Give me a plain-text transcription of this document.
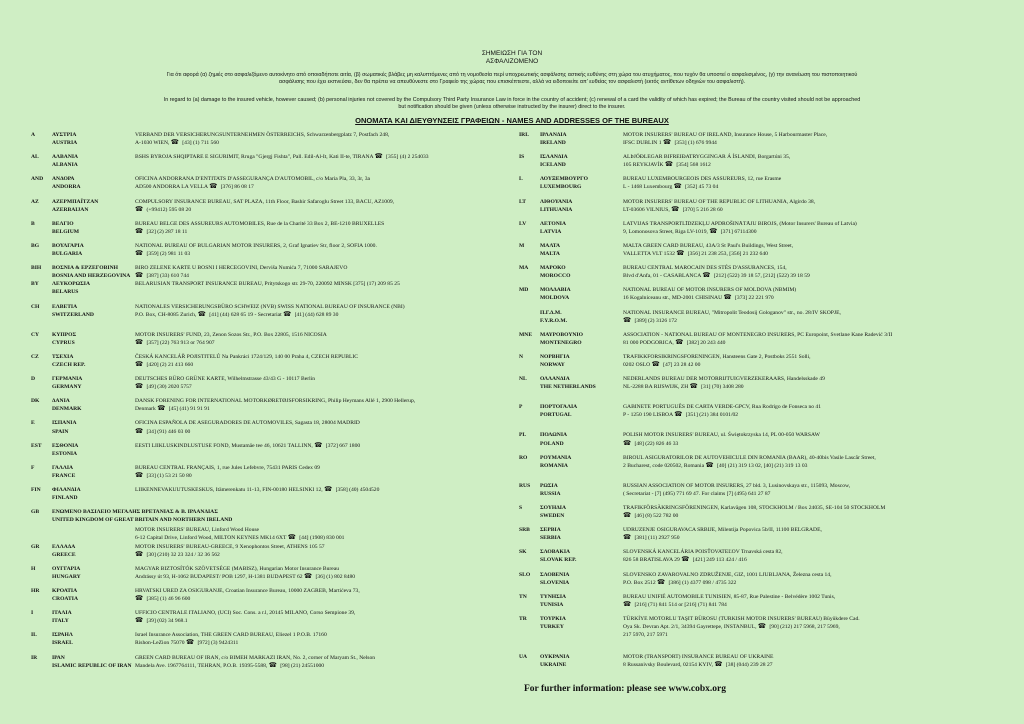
ΣΗΜΕΙΩΣΗ ΓΙΑ ΤΟΝ
ΑΣΦΑΛΙΖΟΜΕΝΟ
Για ότι αφορά (α) ζημιές στο ασφαλιζόμενο αυτοκίνητο από οποιαδήποτε αιτία, (β) σωματικές βλάβες μη καλυπτόμενες από τη νομοθεσία περί υποχρεωτικής ασφάλισης αστικής ευθύνης στη χώρα του ατυχήματος, που τυχόν θα υποστεί ο ασφαλισμένος, (γ) την ανανέωση του πιστοποιητικού ασφάλισης που έχει εκπνεύσει, δεν θα πρέπει να απευθύνεστε στο Γραφείο της χώρας που επισκέπτεστε, αλλά να ειδοποιείτε απ' ευθείας τον ασφαλιστή (εκτός αντίθετων οδηγιών του ασφαλιστή).
In regard to (a) damage to the insured vehicle, however caused; (b) personal injuries not covered by the Compulsory Third Party Insurance Law in force in the country of accident; (c) renewal of a card the validity of which has expired; the Bureau of the country visited should not be approached but notification should be given (unless otherwise instructed by the insurer) direct to the insurer.
ΟΝΟΜΑΤΑ ΚΑΙ ΔΙΕΥΘΥΝΣΕΙΣ ΓΡΑΦΕΙΩΝ - NAMES AND ADDRESSES OF THE BUREAUX
A	ΑΥΣΤΡΙΑ
AUSTRIA
VERBAND DER VERSICHERUNGSUNTERNEHMEN ÖSTERREICHS, Schwarzenbergplatz 7, Postfach 248,
A-1030 WIEN, ☎ [43] (1) 711 560
AL	ΑΛΒΑΝΙΑ
ALBANIA
BSHS BYROJA SHQIPTARE E SIGURIMIT, Rruga "Gjergj Fishta", Pall. Edil-Al-It, Kati II-te, TIRANA ☎ [355] (4) 2 254033

AND	ΑΝΔΟΡΑ
ANDORRA
OFICINA ANDORRANA D'ENTITATS D'ASSEGURANÇA D'AUTOMOBIL, c/o Maria Pla, 33, 3r, 3a
AD500 ANDORRA LA VELLA ☎ [376] 86 08 17
AZ	ΑΖΕΡΜΠΑΪΤΖΑΝ
AZERBAIJAN
COMPULSORY INSURANCE BUREAU, SAT PLAZA, 11th Floor, Bashir Safaroglu Street 133, BACU, AZ1009,
☎ (+99412) 595 08 20
B	ΒΕΛΓΙΟ
BELGIUM
BUREAU BELGE DES ASSUREURS AUTOMOBILES, Rue de la Charité 33 Box 2, BE-1210 BRUXELLES
☎ [32] (2) 287 18 11
BG	ΒΟΥΛΓΑΡΙΑ
BULGARIA
NATIONAL BUREAU OF BULGARIAN MOTOR INSURERS, 2, Graf Ignatiev Str, floor 2, SOFIA 1000.
☎ [359] (2) 981 11 03
BIH	ΒΟΣΝΙΑ & ΕΡΖΕΓΟΒΙΝΗ
BOSNIA AND HERZEGOVINA
BIRO ZELENE KARTE U BOSNI I HERCEGOVINI, Derviša Numića 7, 71000 SARAJEVO
☎ [387] (33) 610 744
BY	ΛΕΥΚΟΡΩΣΙΑ
BELARUS
BELARUSIAN TRANSPORT INSURANCE BUREAU, Pritytskogo str. 29-70, 220092 MINSK [375] (17) 209 85 25

CH	ΕΛΒΕΤΙΑ
SWITZERLAND
NATIONALES VERSICHERUNGSBÜRO SCHWEIZ (NVB) SWISS NATIONAL BUREAU OF INSURANCE (NBI)
P.O. Box, CH-8085 Zurich, ☎ [41] (44) 628 65 19 - Secretariat ☎ [41] (44) 628 89 30
CY	ΚΥΠΡΟΣ
CYPRUS
MOTOR INSURERS' FUND, 23, Zenon Sozos Str., P.O. Box 22805, 1516 NICOSIA
☎ [357] (22) 763 913 or 764 907
CZ	ΤΣΕΧΙΑ
CZECH REP.
ČESKÁ KANCELÁŘ POJISTITELŮ Na Pankráci 1724/129, 140 00 Praha 4, CZECH REPUBLIC
☎ [420] (2) 21 413 660
D	ΓΕΡΜΑΝΙΑ
GERMANY
DEUTSCHES BÜRO GRÜNE KARTE, Wilhelmstrasse 43/43 G - 10117 Berlin
☎ [49] (30) 2020 5757
DK	ΔΑΝΙΑ
DENMARK
DANSK FORENING FOR INTERNATIONAL MOTORKØRETØJSFORSIKRING, Philip Heymans Allé 1, 2900 Hellerup,
Denmark ☎ [45] (41) 91 91 91
E	ΙΣΠΑΝΙΑ
SPAIN
OFICINA ESPAÑOLA DE ASEGURADORES DE AUTOMOVILES, Sagasta 18, 28004 MADRID
☎ [34] (91) 446 03 00
EST	ΕΣΘΟΝΙΑ
ESTONIA
EESTI LIIKLUSKINDLUSTUSE FOND, Mustamäe tee 46, 10621 TALLINN, ☎ [372] 667 1800

F	ΓΑΛΛΙΑ
FRANCE
BUREAU CENTRAL FRANÇAIS, 1, rue Jules Lefebvre, 75431 PARIS Cedex 09
☎ [33] (1) 53 21 50 80
FIN	ΦΙΛΑΝΔΙΑ
FINLAND
LIIKENNEVAKUUTUSKESKUS, Itämerenkatu 11-13, FIN-00180 HELSINKI 12, ☎ [358] (40) 4504520

GB	ΕΝΩΜΕΝΟ ΒΑΣΙΛΕΙΟ ΜΕΓΑΛΗΣ ΒΡΕΤΑΝΙΑΣ & Β. ΙΡΛΑΝΔΙΑΣ
UNITED KINGDOM OF GREAT BRITAIN AND NORTHERN IRELAND
MOTOR INSURERS' BUREAU, Linford Wood House
6-12 Capital Drive, Linford Wood, MILTON KEYNES MK14 6XT ☎ [44] (1908) 830 001
GR	ΕΛΛΑΔΑ
GREECE
MOTOR INSURERS' BUREAU-GREECE, 9 Xenophontos Street, ATHENS 105 57
☎ [30] (210) 32 23 324 / 32 36 562
H	ΟΥΓΓΑΡΙΑ
HUNGARY
MAGYAR BIZTOSÍTÓK SZÖVETSÉGE (MABISZ), Hungarian Motor Insurance Bureau
Andrássy út 93, H-1062 BUDAPEST/ POB 1297, H-1381 BUDAPEST 62 ☎ [36] (1) 802 8480
HR	ΚΡΟΑΤΙΑ
CROATIA
HRVATSKI URED ZA OSIGURANJE, Croatian Insurance Bureau, 10000 ZAGREB, Martićeva 73,
☎ [385] (1) 46 96 600
I	ΙΤΑΛΙΑ
ITALY
UFFICIO CENTRALE ITALIANO, (UCI) Soc. Cons. a r.l, 20145 MILANO, Corso Sempione 39,
☎ [39] (02) 34 968.1
IL	ΙΣΡΑΗΛ
ISRAEL
Israel Insurance Association, THE GREEN CARD BUREAU, Eliezel 1 P.O.B. 17160
Rishon-LeZion 75070 ☎ [972] (3) 9424311
IR	ΙΡΑΝ
ISLAMIC REPUBLIC OF IRAN
GREEN CARD BUREAU OF IRAN, c/o BIMEH MARKAZI IRAN, No. 2, corner of Maryam St., Nelson
Mandela Ave. 1967764111, TEHRAN, P.O.B. 19395-5588, ☎ [98] (21) 24551000
IRL	ΙΡΛΑΝΔΙΑ
IRELAND
MOTOR INSURERS' BUREAU OF IRELAND, Insurance House, 5 Harbourmaster Place,
IFSC DUBLIN 1 ☎ [353] (1) 676 9944
IS	ΙΣΛΑΝΔΙΑ
ICELAND
ALÞJÓÐLEGAR BIFREIÐATRYGGINGAR Á ÍSLANDI, Borgartúni 35,
105 REYKJAVÍK ☎ [354] 568 1612
L	ΛΟΥΞΕΜΒΟΥΡΓΟ
LUXEMBOURG
BUREAU LUXEMBOURGEOIS DES ASSUREURS, 12, rue Erasme
L - 1468 Luxembourg ☎ [352] 45 73 04
LT	ΛΙΘΟΥΑΝΙΑ
LITHUANIA
MOTOR INSURERS' BUREAU OF THE REPUBLIC OF LITHUANIA, Algirdo 38,
LT-03606 VILNIUS, ☎ [370] 5 216 28 60
LV	ΛΕΤΟΝΙΑ
LATVIA
LATVIJAS TRANSPORTLĪDZEKĻU APDROŠINĀTĀJU BIROJS, (Motor Insurers' Bureau of Latvia)
9, Lomonosova Street, Riga LV-1019, ☎ [371] 67114300
M	ΜΑΛΤΑ
MALTA
MALTA GREEN CARD BUREAU, 43A/3 St Paul's Buildings, West Street,
VALLETTA VLT 1532 ☎ [356] 21 238 253, [356] 21 232 640
MA	ΜΑΡΟΚΟ
MOROCCO
BUREAU CENTRAL MAROCAIN DES STÉS D'ASSURANCES, 154,
Blvd d'Anfa, 01 - CASABLANCA ☎ [212] (522) 39 18 57, [212] (522) 39 18 59
MD	ΜΟΛΔΑΒΙΑ
MOLDOVA
NATIONAL BUREAU OF MOTOR INSURERS OF MOLDOVA (NBMIM)
16 Kogalniceanu str., MD-2001 CHISINAU ☎ [373] 22 221 970
Π.Γ.Δ.Μ.
F.Y.R.O.M.
NATIONAL INSURANCE BUREAU, "Mitropolit Teodosij Gologanov" str., no. 28/IV SKOPJE,
☎ [389] (2) 3126 172
MNE	ΜΑΥΡΟΒΟΥΝΙΟ
MONTENEGRO
ASSOCIATION - NATIONAL BUREAU OF MONTENEGRO INSURERS, PC Europoint, Svetlane Kane Radević 3/II
81 000 PODGORICA, ☎ [382] 20 243 440
N	ΝΟΡΒΗΓΙΑ
NORWAY
TRAFIKKFORSIKRINGSFORENINGEN, Hansteens Gate 2, Postboks 2551 Solli,
0202 OSLO ☎ [47] 23 28 42 00
NL	ΟΛΛΑΝΔΙΑ
THE NETHERLANDS
NEDERLANDS BUREAU DER MOTORRIJTUIGVERZEKERAARS, Handelsskade 49
NL-2288 BA RIJSWIJK, ZH ☎ [31] (70) 3408 280
P	ΠΟΡΤΟΓΑΛΙΑ
PORTUGAL
GABINETE PORTUGUÊS DE CARTA VERDE-GPCV, Rua Rodrigo de Fonseca no 41
P - 1250 190 LISBOA ☎ [351] (21) 384 0101/02
PL	ΠΟΛΩΝΙΑ
POLAND
POLISH MOTOR INSURERS' BUREAU, ul. Świętokrzyska 14, PL 00-050 WARSAW
☎ [48] (22) 826 46 33
RO	ΡΟΥΜΑΝΙΑ
ROMANIA
BIROUL ASIGURATORILOR DE AUTOVEHICULE DIN ROMANIA (BAAR), 40-40bis Vasile Lascăr Street,
2 Bucharest, code 020502, Romania ☎ [40] (21) 319 13 02, [40] (21) 319 13 03
RUS	ΡΩΣΙΑ
RUSSIA
RUSSIAN ASSOCIATION OF MOTOR INSURERS, 27 bld. 3, Lusinovskaya str., 115093, Moscow,
( Secretariat - [7] (495) 771 69 47. For claims [7] (495) 641 27 87
S	ΣΟΥΗΔΙΑ
SWEDEN
TRAFIKFÖRSÄKRINGSFÖRENINGEN, Karlavägen 108, STOCKHOLM / Box 24035, SE-104 50 STOCKHOLM
☎ [46] (8) 522 782 00
SRB	ΣΕΡΒΙΑ
SERBIA
UDRUZENJE OSIGURAVACA SRBIJE, Milentija Popovica 5b/II, 11100 BELGRADE,
☎ [381] (11) 2927 950
SK	ΣΛΟΒΑΚΙΑ
SLOVAK REP.
SLOVENSKÁ KANCELÁRIA POISŤOVATEĽOV Trnavská cesta 82,
826 58 BRATISLAVA 29 ☎ [421] 249 113 424 / 416
SLO	ΣΛΟΒΕΝΙΑ
SLOVENIA
SLOVENSKO ZAVAROVALNO ZDRUŽENJE, GIZ, 1001 LJUBLJANA, Železna cesta 14,
P.O. Box 2512 ☎ [386] (1) 4377 098 / 4735 322
TN	ΤΥΝΗΣΙΑ
TUNISIA
BUREAU UNIFIÉ AUTOMOBILE TUNISIEN, 85-87, Rue Palestine - Belvédère 1002 Tunis,
☎ [216] (71) 841 514 or [216] (71) 841 784
TR	ΤΟΥΡΚΙΑ
TURKEY
TÜRKİYE MOTORLU TAŞIT BÜROSU (TURKISH MOTOR INSURERS' BUREAU) Büyükdere Cad.
Oya Sk. Devran Apt. 2/1, 34394 Gayrettepe, INSTANBUL, ☎ [90] (212) 217 5968, 217 5969,
217 5970, 217 5971
UA	ΟΥΚΡΑΝΙΑ
UKRAINE
MOTOR (TRANSPORT) INSURANCE BUREAU OF UKRAINE
8 Russanivsky Boulevard, 02154 KYIV, ☎ [38] (044) 239 28 27
For further information: please see www.cobx.org
